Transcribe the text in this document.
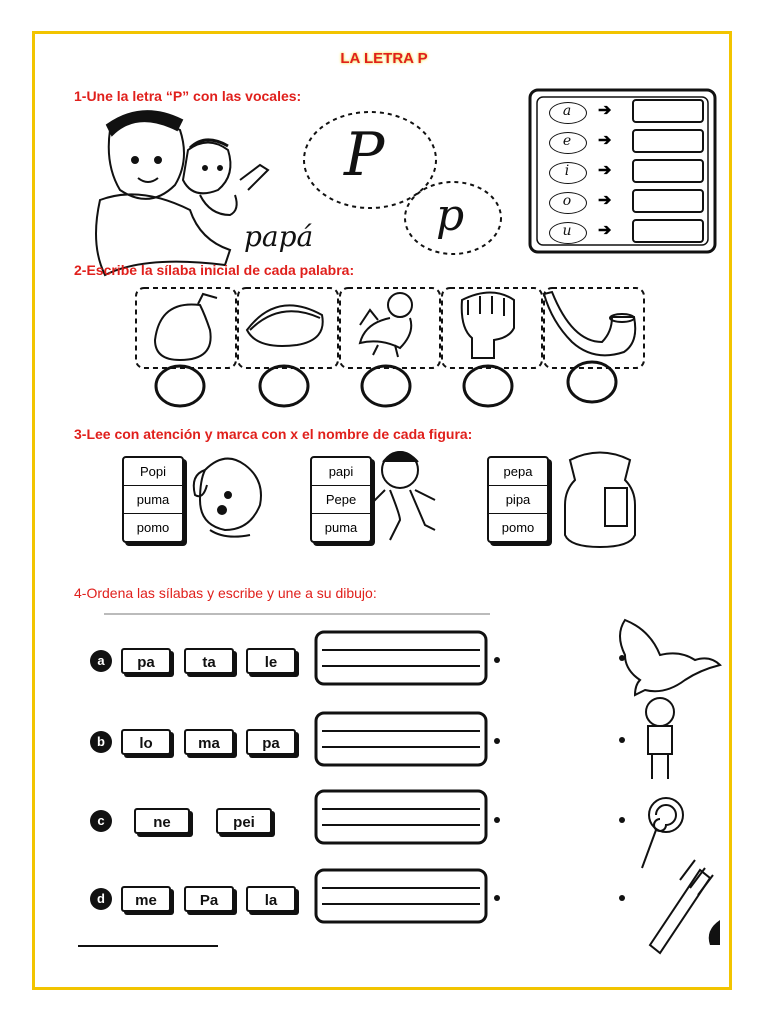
LA LETRA P
1-Une la letra “P” con las vocales:
P
p
papá
a	➔
e	➔
i	➔
o	➔
u	➔
2-Escribe la sílaba inicial de cada palabra:
3-Lee con atención y marca con x el nombre de cada figura:
Popi
puma
pomo
papi
Pepe
puma
pepa
pipa
pomo
4-Ordena las sílabas y escribe y une a su dibujo:
a	pa	ta	le
b	lo	ma	pa
c	ne	pei
d	me	Pa	la
